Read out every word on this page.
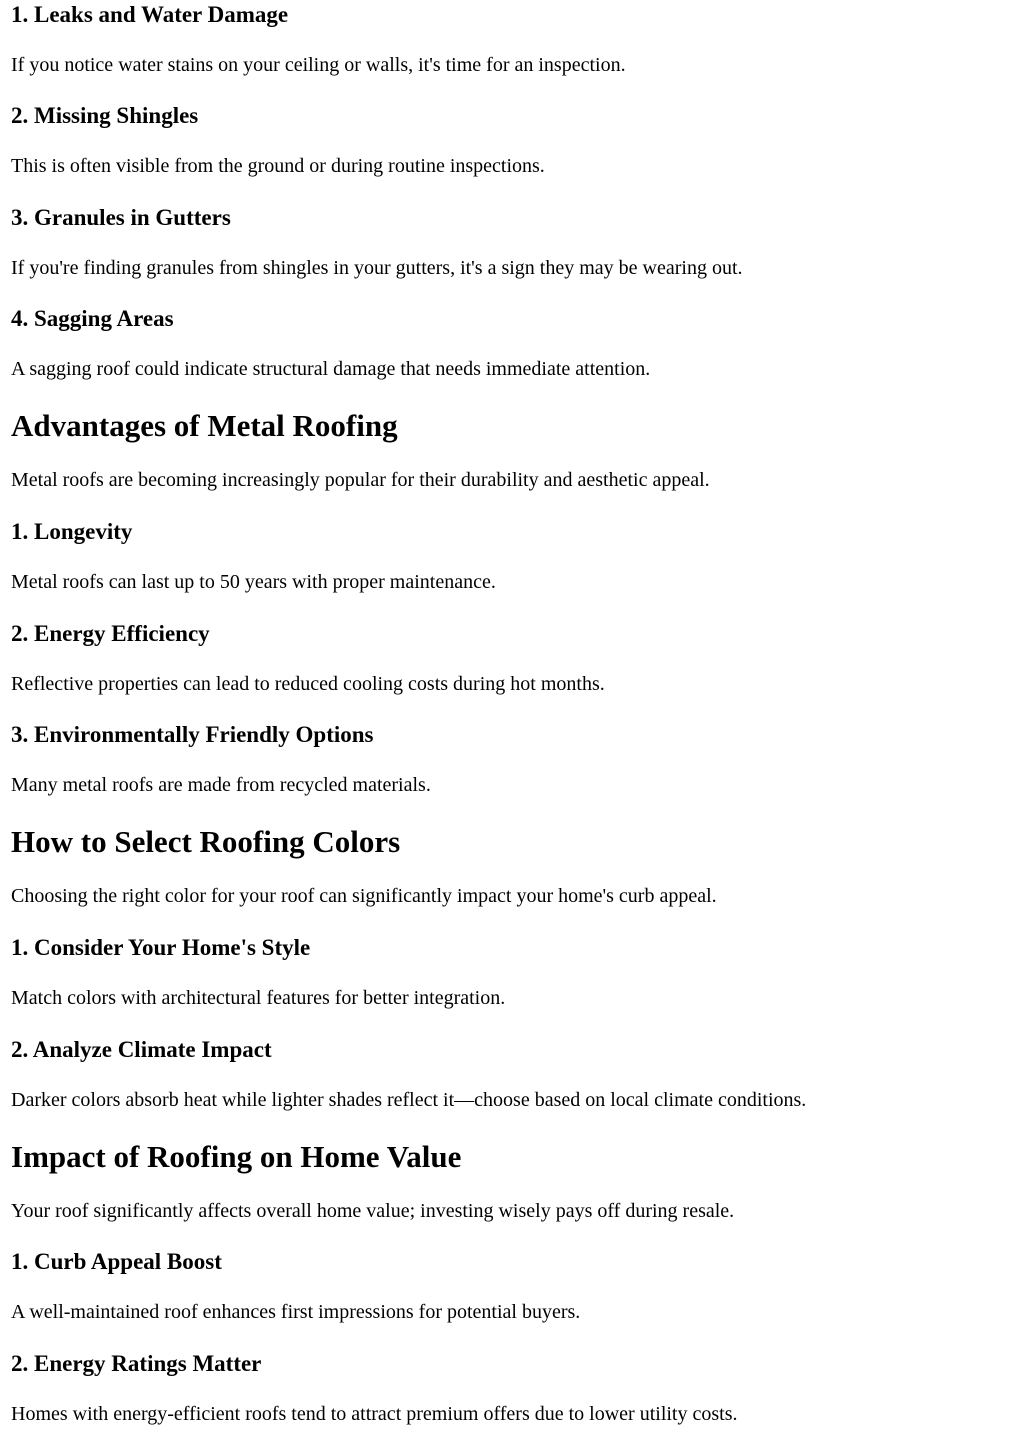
1. Leaks and Water Damage

If you notice water stains on your ceiling or walls, it's time for an inspection.

2. Missing Shingles

This is often visible from the ground or during routine inspections.

3. Granules in Gutters

If you're finding granules from shingles in your gutters, it's a sign they may be wearing out.

4. Sagging Areas

A sagging roof could indicate structural damage that needs immediate attention.

Advantages of Metal Roofing

Metal roofs are becoming increasingly popular for their durability and aesthetic appeal.

1. Longevity

Metal roofs can last up to 50 years with proper maintenance.

2. Energy Efficiency

Reflective properties can lead to reduced cooling costs during hot months.

3. Environmentally Friendly Options

Many metal roofs are made from recycled materials.

How to Select Roofing Colors

Choosing the right color for your roof can significantly impact your home's curb appeal.

1. Consider Your Home's Style

Match colors with architectural features for better integration.

2. Analyze Climate Impact

Darker colors absorb heat while lighter shades reflect it—choose based on local climate conditions.

Impact of Roofing on Home Value

Your roof significantly affects overall home value; investing wisely pays off during resale.

1. Curb Appeal Boost

A well-maintained roof enhances first impressions for potential buyers.

2. Energy Ratings Matter

Homes with energy-efficient roofs tend to attract premium offers due to lower utility costs.
